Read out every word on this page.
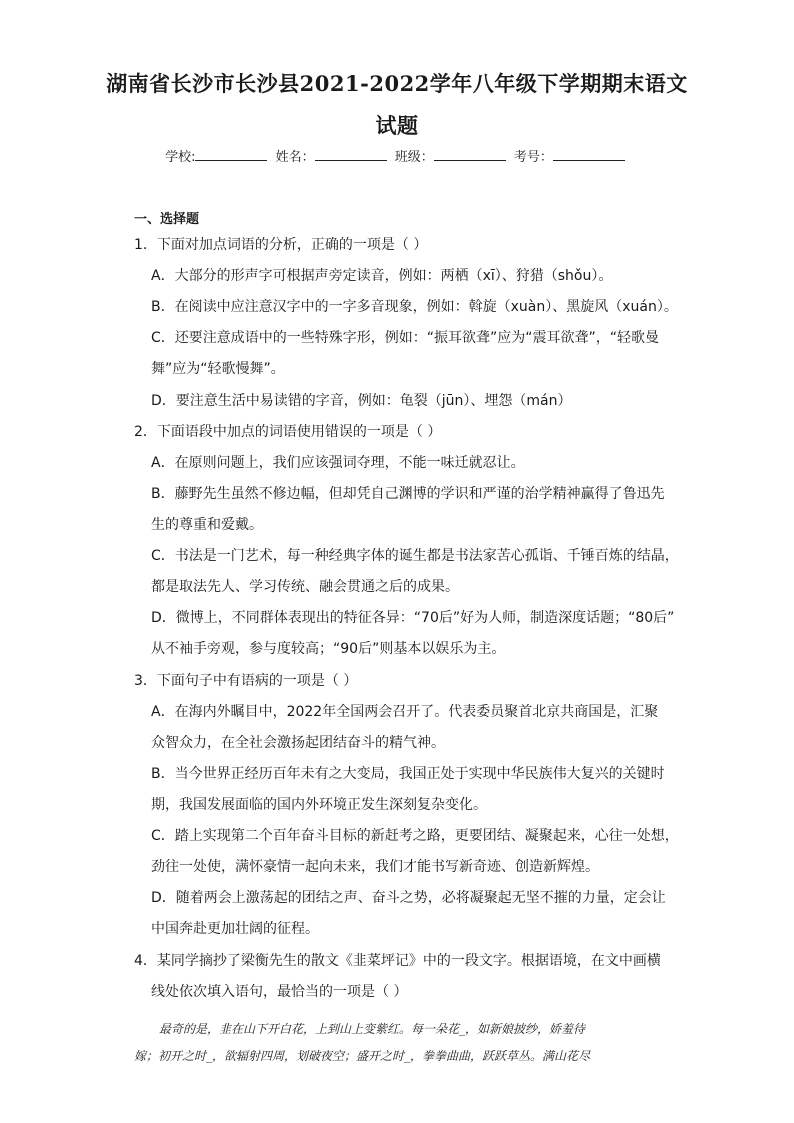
湖南省长沙市长沙县2021-2022学年八年级下学期期末语文
试题
学校:	姓名：	班级：	考号：
一、选择题
1．下面对加点词语的分析，正确的一项是（ ）
A．大部分的形声字可根据声旁定读音，例如：两栖（xī）、狩猎（shǒu）。
B．在阅读中应注意汉字中的一字多音现象，例如：斡旋（xuàn）、黑旋风（xuán）。
C．还要注意成语中的一些特殊字形，例如：“振耳欲聋”应为“震耳欲聋”，“轻歌曼
舞”应为“轻歌慢舞”。
D．要注意生活中易读错的字音，例如：龟裂（jūn）、埋怨（mán）
2．下面语段中加点的词语使用错误的一项是（ ）
A．在原则问题上，我们应该强词夺理，不能一味迁就忍让。
B．藤野先生虽然不修边幅，但却凭自己渊博的学识和严谨的治学精神赢得了鲁迅先
生的尊重和爱戴。
C．书法是一门艺术，每一种经典字体的诞生都是书法家苦心孤诣、千锤百炼的结晶，
都是取法先人、学习传统、融会贯通之后的成果。
D．微博上，不同群体表现出的特征各异：“70后”好为人师，制造深度话题；“80后”
从不袖手旁观，参与度较高；“90后”则基本以娱乐为主。
3．下面句子中有语病的一项是（ ）
A．在海内外瞩目中，2022年全国两会召开了。代表委员聚首北京共商国是，汇聚
众智众力，在全社会激扬起团结奋斗的精气神。
B．当今世界正经历百年未有之大变局，我国正处于实现中华民族伟大复兴的关键时
期，我国发展面临的国内外环境正发生深刻复杂变化。
C．踏上实现第二个百年奋斗目标的新赶考之路，更要团结、凝聚起来，心往一处想，
劲往一处使，满怀豪情一起向未来，我们才能书写新奇迹、创造新辉煌。
D．随着两会上激荡起的团结之声、奋斗之势，必将凝聚起无坚不摧的力量，定会让
中国奔赴更加壮阔的征程。
4．某同学摘抄了梁衡先生的散文《韭菜坪记》中的一段文字。根据语境，在文中画横
线处依次填入语句，最恰当的一项是（ ）
最奇的是，韭在山下开白花，上到山上变紫红。每一朵花_，如新娘披纱，娇羞待
嫁；初开之时_，欲辐射四周，划破夜空；盛开之时_，拳拳曲曲，跃跃草丛。满山花尽
